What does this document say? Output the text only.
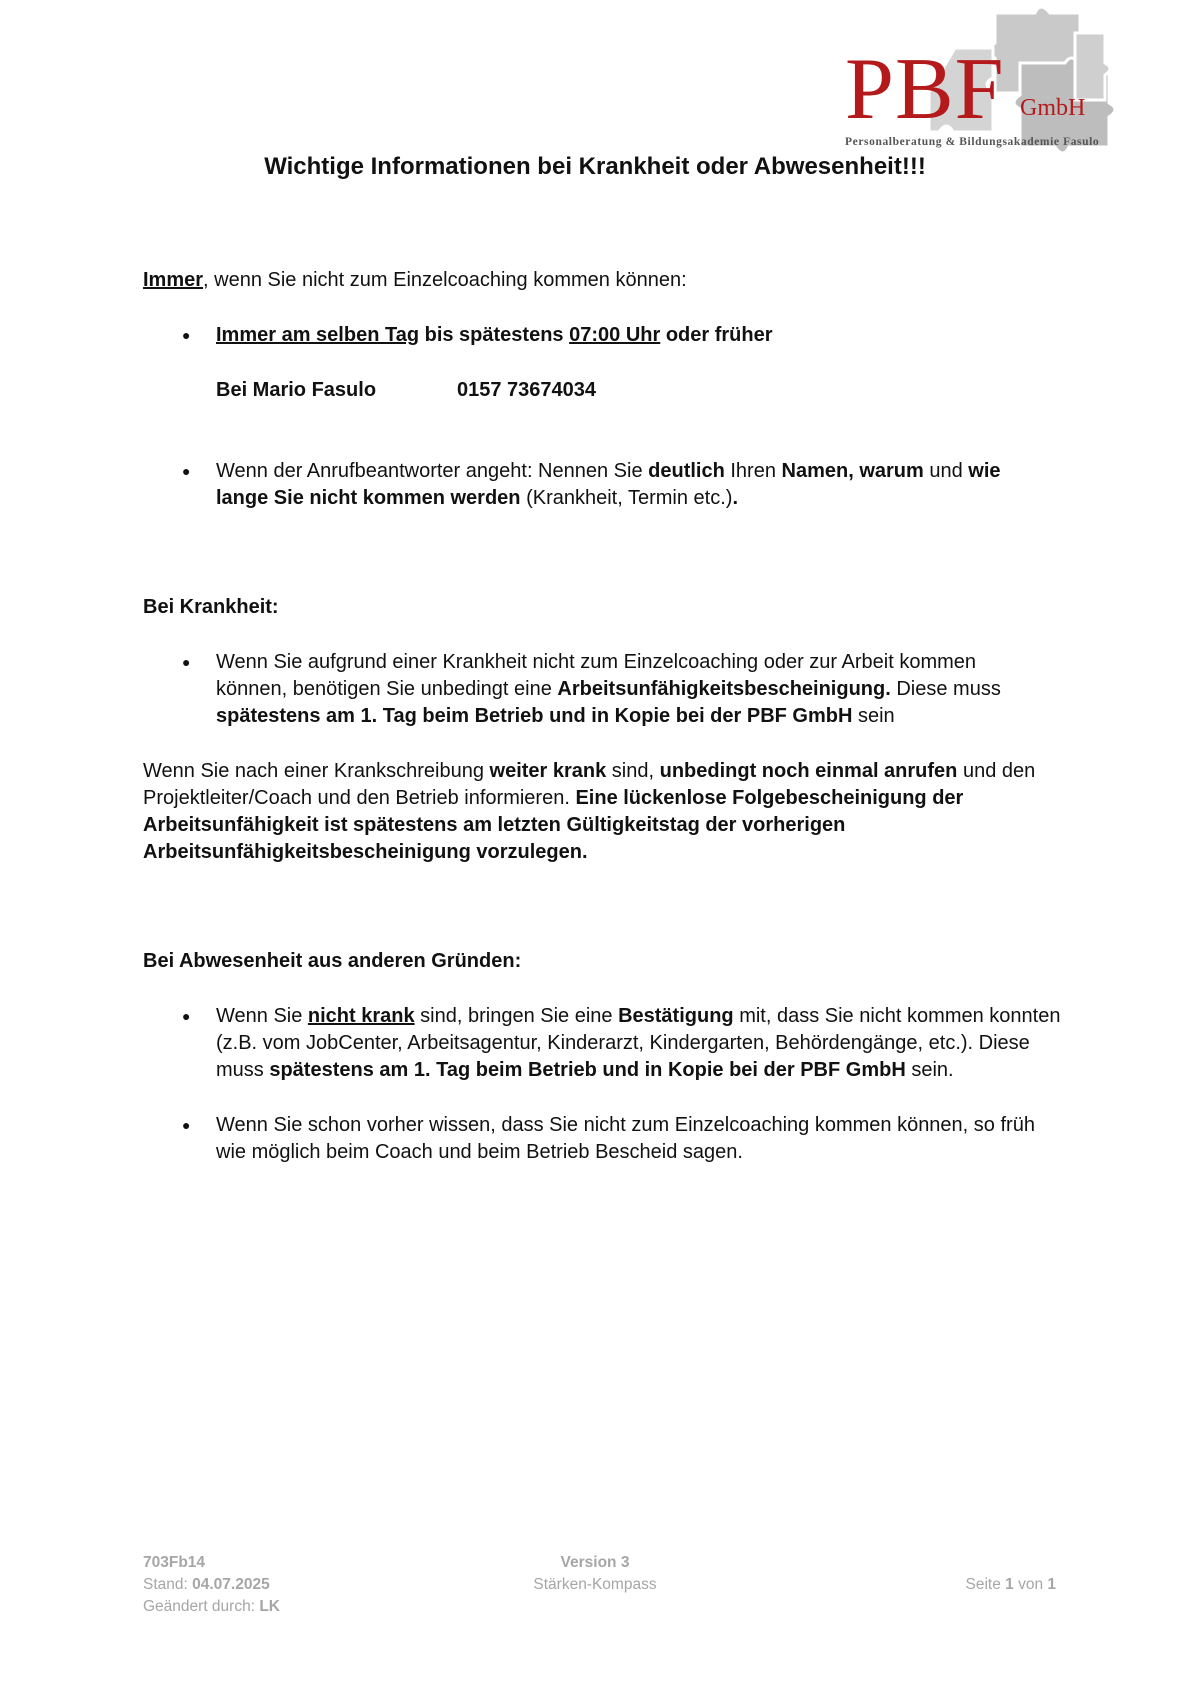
PBF GmbH
Personalberatung & Bildungsakademie Fasulo
Wichtige Informationen bei Krankheit oder Abwesenheit!!!

Immer, wenn Sie nicht zum Einzelcoaching kommen können:

● Immer am selben Tag bis spätestens 07:00 Uhr oder früher

Bei Mario Fasulo	0157 73674034

● Wenn der Anrufbeantworter angeht: Nennen Sie deutlich Ihren Namen, warum und wie
lange Sie nicht kommen werden (Krankheit, Termin etc.).

Bei Krankheit:

● Wenn Sie aufgrund einer Krankheit nicht zum Einzelcoaching oder zur Arbeit kommen
können, benötigen Sie unbedingt eine Arbeitsunfähigkeitsbescheinigung. Diese muss
spätestens am 1. Tag beim Betrieb und in Kopie bei der PBF GmbH sein

Wenn Sie nach einer Krankschreibung weiter krank sind, unbedingt noch einmal anrufen und den
Projektleiter/Coach und den Betrieb informieren. Eine lückenlose Folgebescheinigung der
Arbeitsunfähigkeit ist spätestens am letzten Gültigkeitstag der vorherigen
Arbeitsunfähigkeitsbescheinigung vorzulegen.

Bei Abwesenheit aus anderen Gründen:

● Wenn Sie nicht krank sind, bringen Sie eine Bestätigung mit, dass Sie nicht kommen konnten
(z.B. vom JobCenter, Arbeitsagentur, Kinderarzt, Kindergarten, Behördengänge, etc.). Diese
muss spätestens am 1. Tag beim Betrieb und in Kopie bei der PBF GmbH sein.

● Wenn Sie schon vorher wissen, dass Sie nicht zum Einzelcoaching kommen können, so früh
wie möglich beim Coach und beim Betrieb Bescheid sagen.

703Fb14
Stand: 04.07.2025
Geändert durch: LK
Version 3
Stärken-Kompass	Seite 1 von 1
